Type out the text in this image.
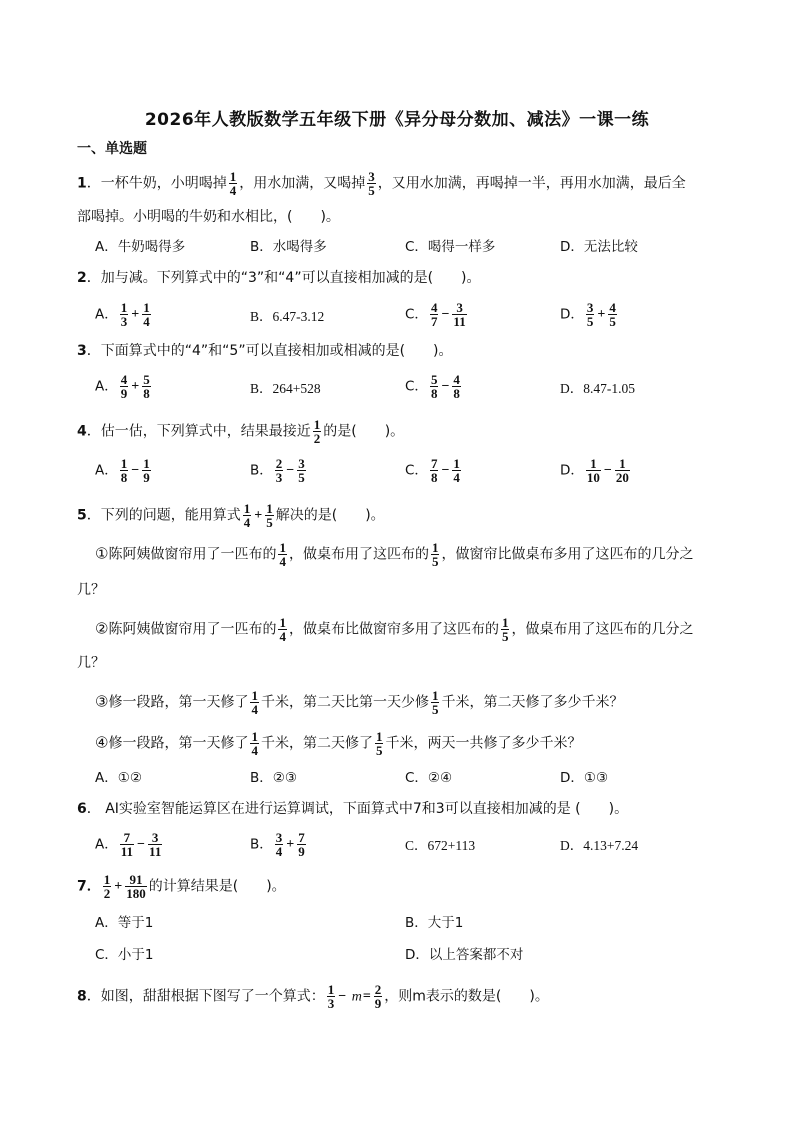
2026年人教版数学五年级下册《异分母分数加、减法》一课一练
一、单选题
1．一杯牛奶，小明喝掉 $\frac{1}{4}$ ，用水加满，又喝掉 $\frac{3}{5}$ ，又用水加满，再喝掉一半，再用水加满，最后全
部喝掉。小明喝的牛奶和水相比，(　　)。
A．牛奶喝得多	B．水喝得多	C．喝得一样多	D．无法比较
2．加与减。下列算式中的“3”和“4”可以直接相加减的是(　　)。
A． $\frac{1}{3} + \frac{1}{4}$	B．6.47-3.12	C． $\frac{4}{7} - \frac{3}{11}$	D． $\frac{3}{5} + \frac{4}{5}$
3．下面算式中的“4”和“5”可以直接相加或相减的是(　　)。
A． $\frac{4}{9} + \frac{5}{8}$	B．264+528	C． $\frac{5}{8} - \frac{4}{8}$	D．8.47-1.05
4．估一估，下列算式中，结果最接近 $\frac{1}{2}$ 的是(　　)。
A． $\frac{1}{8} - \frac{1}{9}$	B． $\frac{2}{3} - \frac{3}{5}$	C． $\frac{7}{8} - \frac{1}{4}$	D． $\frac{1}{10} - \frac{1}{20}$
5．下列的问题，能用算式 $\frac{1}{4} + \frac{1}{5}$ 解决的是(　　)。
①陈阿姨做窗帘用了一匹布的 $\frac{1}{4}$ ，做桌布用了这匹布的 $\frac{1}{5}$ ，做窗帘比做桌布多用了这匹布的几分之
几？
②陈阿姨做窗帘用了一匹布的 $\frac{1}{4}$ ，做桌布比做窗帘多用了这匹布的 $\frac{1}{5}$ ，做桌布用了这匹布的几分之
几？
③修一段路，第一天修了 $\frac{1}{4}$ 千米，第二天比第一天少修 $\frac{1}{5}$ 千米，第二天修了多少千米？
④修一段路，第一天修了 $\frac{1}{4}$ 千米，第二天修了 $\frac{1}{5}$ 千米，两天一共修了多少千米？
A．①②	B．②③	C．②④	D．①③
6． AI实验室智能运算区在进行运算调试，下面算式中7和3可以直接相加减的是 (　　)。
A． $\frac{7}{11} - \frac{3}{11}$	B． $\frac{3}{4} + \frac{7}{9}$	C．672+113	D．4.13+7.24
7． $\frac{1}{2} + \frac{91}{180}$ 的计算结果是(　　)。
A．等于1	B．大于1
C．小于1	D．以上答案都不对
8．如图，甜甜根据下图写了一个算式： $\frac{1}{3} - m= \frac{2}{9}$ ，则m表示的数是(　　)。
